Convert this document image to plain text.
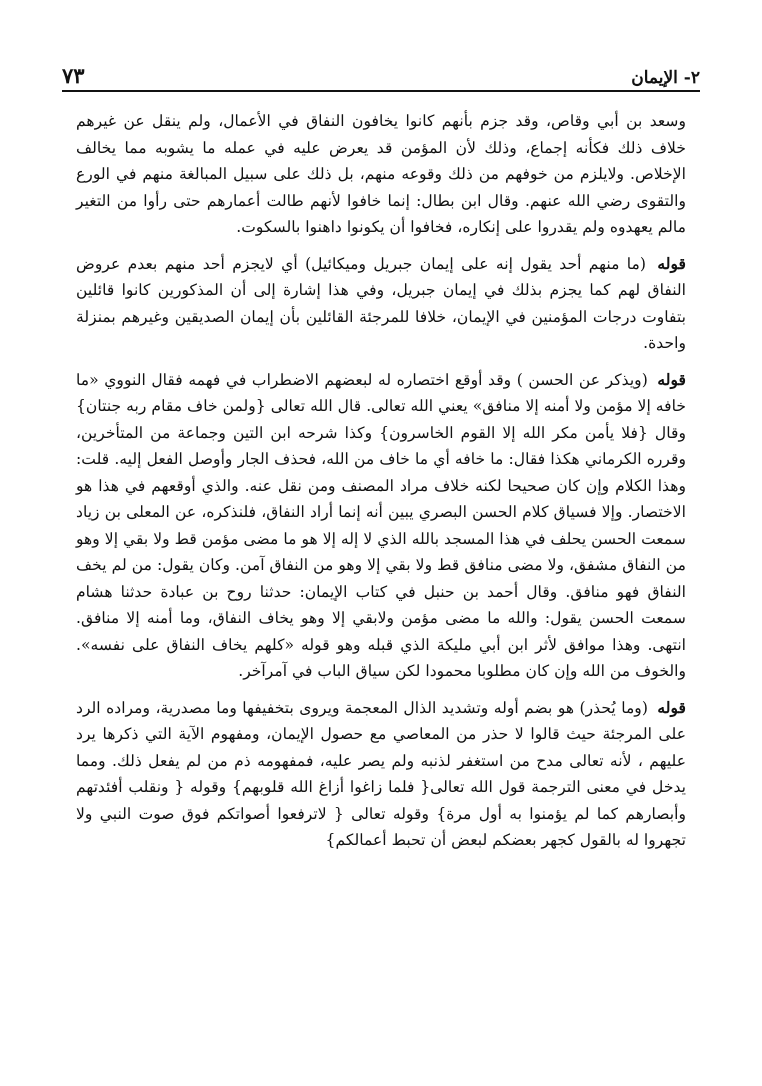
٧٣	٢- الإيمان

وسعد بن أبي وقاص، وقد جزم بأنهم كانوا يخافون النفاق في الأعمال، ولم ينقل عن غيرهم خلاف ذلك فكأنه إجماع، وذلك لأن المؤمن قد يعرض عليه في عمله ما يشوبه مما يخالف الإخلاص. ولايلزم من خوفهم من ذلك وقوعه منهم، بل ذلك على سبيل المبالغة منهم في الورع والتقوى رضي الله عنهم. وقال ابن بطال: إنما خافوا لأنهم طالت أعمارهم حتى رأوا من التغير مالم يعهدوه ولم يقدروا على إنكاره، فخافوا أن يكونوا داهنوا بالسكوت.

قوله (ما منهم أحد يقول إنه على إيمان جبريل وميكائيل) أي لايجزم أحد منهم بعدم عروض النفاق لهم كما يجزم بذلك في إيمان جبريل، وفي هذا إشارة إلى أن المذكورين كانوا قائلين بتفاوت درجات المؤمنين في الإيمان، خلافا للمرجئة القائلين بأن إيمان الصديقين وغيرهم بمنزلة واحدة.

قوله (ويذكر عن الحسن ) وقد أوقع اختصاره له لبعضهم الاضطراب في فهمه فقال النووي «ما خافه إلا مؤمن ولا أمنه إلا منافق» يعني الله تعالى. قال الله تعالى {ولمن خاف مقام ربه جنتان} وقال {فلا يأمن مكر الله إلا القوم الخاسرون} وكذا شرحه ابن التين وجماعة من المتأخرين، وقرره الكرماني هكذا فقال: ما خافه أي ما خاف من الله، فحذف الجار وأوصل الفعل إليه. قلت: وهذا الكلام وإن كان صحيحا لكنه خلاف مراد المصنف ومن نقل عنه. والذي أوقعهم في هذا هو الاختصار. وإلا فسياق كلام الحسن البصري يبين أنه إنما أراد النفاق، فلنذكره، عن المعلى بن زياد سمعت الحسن يحلف في هذا المسجد بالله الذي لا إله إلا هو ما مضى مؤمن قط ولا بقي إلا وهو من النفاق مشفق، ولا مضى منافق قط ولا بقي إلا وهو من النفاق آمن. وكان يقول: من لم يخف النفاق فهو منافق. وقال أحمد بن حنبل في كتاب الإيمان: حدثنا روح بن عبادة حدثنا هشام سمعت الحسن يقول: والله ما مضى مؤمن ولابقي إلا وهو يخاف النفاق، وما أمنه إلا منافق. انتهى. وهذا موافق لأثر ابن أبي مليكة الذي قبله وهو قوله «كلهم يخاف النفاق على نفسه». والخوف من الله وإن كان مطلوبا محمودا لكن سياق الباب في آمرآخر.

قوله (وما يُحذر) هو بضم أوله وتشديد الذال المعجمة ويروى بتخفيفها وما مصدرية، ومراده الرد على المرجئة حيث قالوا لا حذر من المعاصي مع حصول الإيمان، ومفهوم الآية التي ذكرها يرد عليهم ، لأنه تعالى مدح من استغفر لذنبه ولم يصر عليه، فمفهومه ذم من لم يفعل ذلك. ومما يدخل في معنى الترجمة قول الله تعالى{ فلما زاغوا أزاغ الله قلوبهم} وقوله { ونقلب أفئدتهم وأبصارهم كما لم يؤمنوا به أول مرة} وقوله تعالى { لاترفعوا أصواتكم فوق صوت النبي ولا تجهروا له بالقول كجهر بعضكم لبعض أن تحبط أعمالكم}
